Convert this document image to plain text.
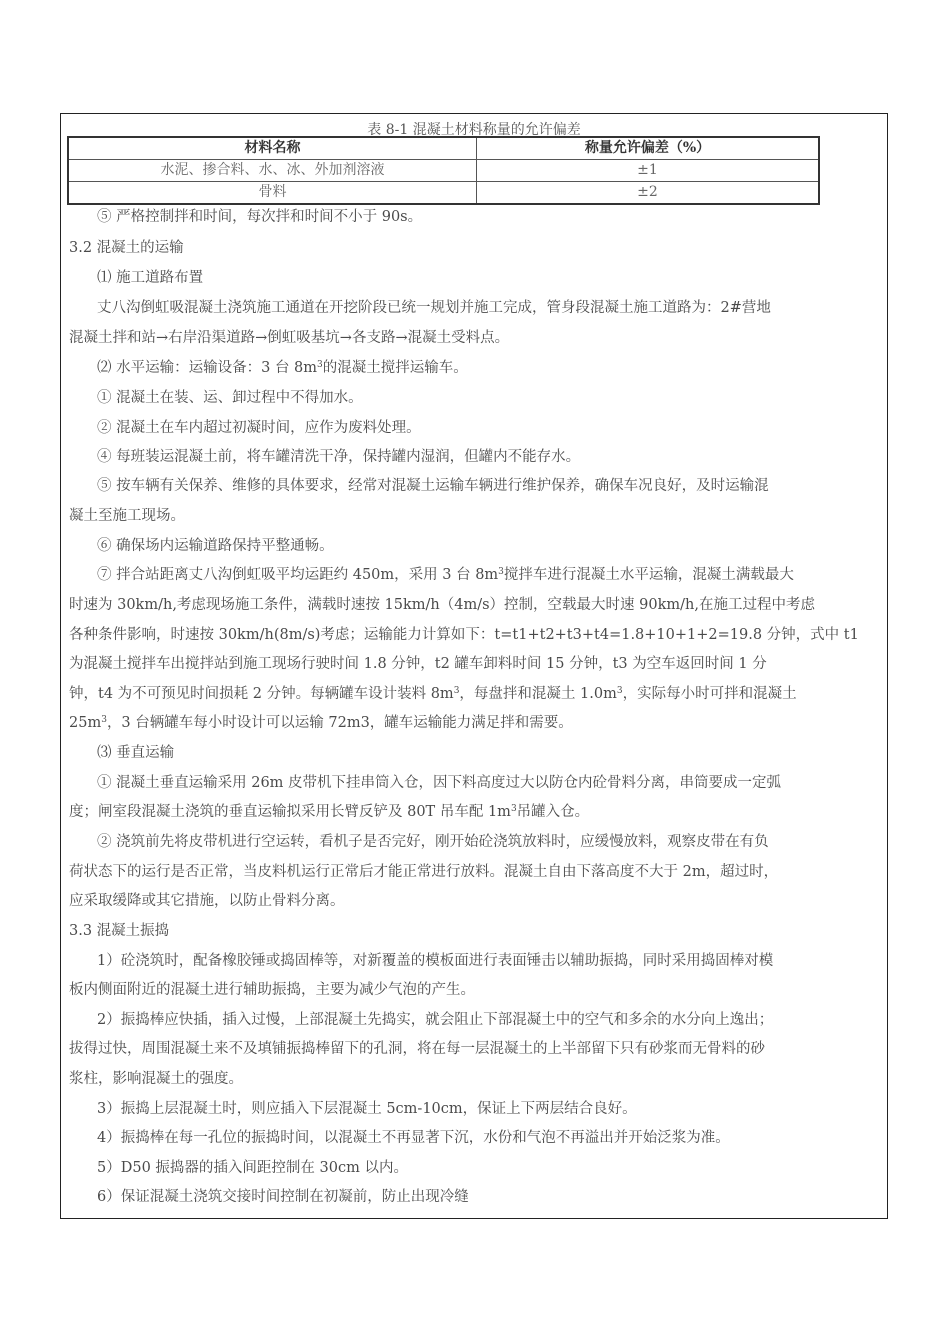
表 8-1 混凝土材料称量的允许偏差
材料名称	称量允许偏差（%）
水泥、掺合料、水、冰、外加剂溶液	±1
骨料	±2
⑤ 严格控制拌和时间，每次拌和时间不小于 90s。
3.2 混凝土的运输
⑴ 施工道路布置
丈八沟倒虹吸混凝土浇筑施工通道在开挖阶段已统一规划并施工完成，管身段混凝土施工道路为：2#营地
混凝土拌和站→右岸沿渠道路→倒虹吸基坑→各支路→混凝土受料点。
⑵ 水平运输：运输设备：3 台 $8m^3$的混凝土搅拌运输车。
① 混凝土在装、运、卸过程中不得加水。
② 混凝土在车内超过初凝时间，应作为废料处理。
④ 每班装运混凝土前，将车罐清洗干净，保持罐内湿润，但罐内不能存水。
⑤ 按车辆有关保养、维修的具体要求，经常对混凝土运输车辆进行维护保养，确保车况良好，及时运输混
凝土至施工现场。
⑥ 确保场内运输道路保持平整通畅。
⑦ 拌合站距离丈八沟倒虹吸平均运距约 450m，采用 3 台 $8m^3$搅拌车进行混凝土水平运输，混凝土满载最大
时速为 30km/h,考虑现场施工条件，满载时速按 15km/h（4m/s）控制，空载最大时速 90km/h,在施工过程中考虑
各种条件影响，时速按 30km/h(8m/s)考虑；运输能力计算如下：t=t1+t2+t3+t4=1.8+10+1+2=19.8 分钟，式中 t1
为混凝土搅拌车出搅拌站到施工现场行驶时间 1.8 分钟，t2 罐车卸料时间 15 分钟，t3 为空车返回时间 1 分
钟，t4 为不可预见时间损耗 2 分钟。每辆罐车设计装料 $8m^3$，每盘拌和混凝土 $1.0m^3$，实际每小时可拌和混凝土
$25m^3$，3 台辆罐车每小时设计可以运输 72m3，罐车运输能力满足拌和需要。
⑶ 垂直运输
① 混凝土垂直运输采用 26m 皮带机下挂串筒入仓，因下料高度过大以防仓内砼骨料分离，串筒要成一定弧
度；闸室段混凝土浇筑的垂直运输拟采用长臂反铲及 80T 吊车配 $1m^3$吊罐入仓。
② 浇筑前先将皮带机进行空运转，看机子是否完好，刚开始砼浇筑放料时，应缓慢放料，观察皮带在有负
荷状态下的运行是否正常，当皮料机运行正常后才能正常进行放料。混凝土自由下落高度不大于 2m，超过时，
应采取缓降或其它措施，以防止骨料分离。
3.3 混凝土振捣
1）砼浇筑时，配备橡胶锤或捣固棒等，对新覆盖的模板面进行表面锤击以辅助振捣，同时采用捣固棒对模
板内侧面附近的混凝土进行辅助振捣，主要为减少气泡的产生。
2）振捣棒应快插，插入过慢，上部混凝土先捣实，就会阻止下部混凝土中的空气和多余的水分向上逸出；
拔得过快，周围混凝土来不及填铺振捣棒留下的孔洞，将在每一层混凝土的上半部留下只有砂浆而无骨料的砂
浆柱，影响混凝土的强度。
3）振捣上层混凝土时，则应插入下层混凝土 5cm-10cm，保证上下两层结合良好。
4）振捣棒在每一孔位的振捣时间，以混凝土不再显著下沉，水份和气泡不再溢出并开始泛浆为准。
5）D50 振捣器的插入间距控制在 30cm 以内。
6）保证混凝土浇筑交接时间控制在初凝前，防止出现冷缝
